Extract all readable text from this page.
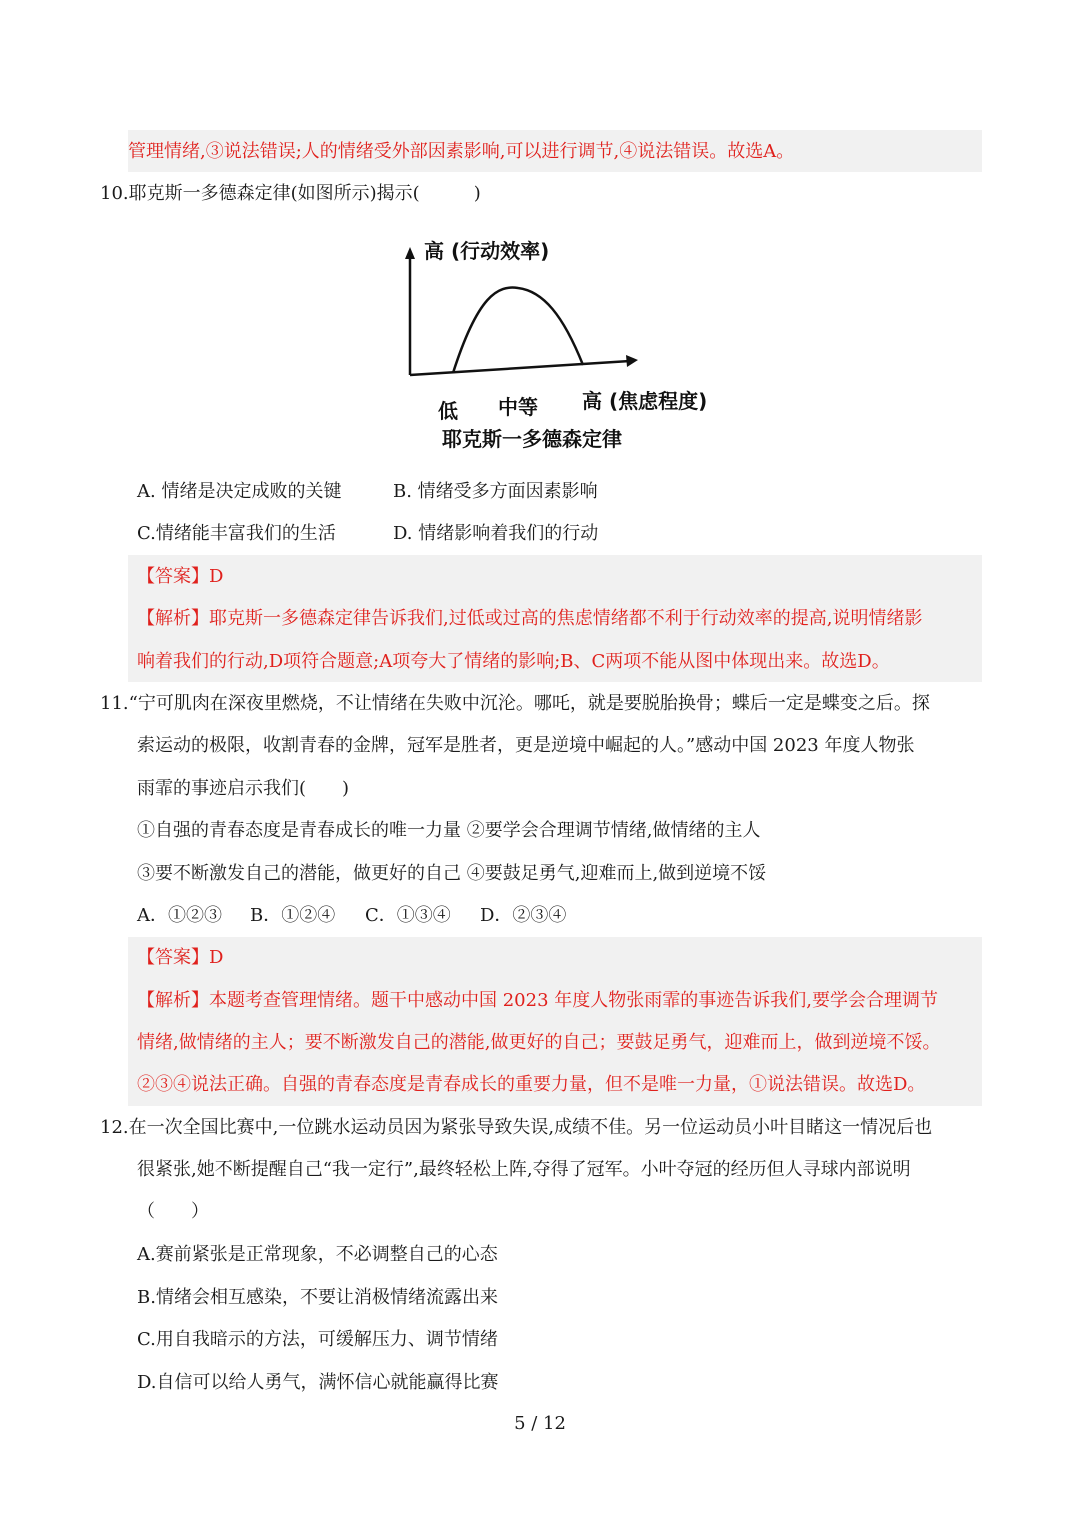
管理情绪,③说法错误;人的情绪受外部因素影响,可以进行调节,④说法错误。故选A。
10.耶克斯一多德森定律(如图所示)揭示(　　　)
高 (行动效率)
低 中等 高 (焦虑程度)
耶克斯一多德森定律
A. 情绪是决定成败的关键	B. 情绪受多方面因素影响
C.情绪能丰富我们的生活	D. 情绪影响着我们的行动
【答案】D
【解析】耶克斯一多德森定律告诉我们,过低或过高的焦虑情绪都不利于行动效率的提高,说明情绪影
响着我们的行动,D项符合题意;A项夸大了情绪的影响;B、C两项不能从图中体现出来。故选D。
11.“宁可肌肉在深夜里燃烧，不让情绪在失败中沉沦。哪吒，就是要脱胎换骨；蝶后一定是蝶变之后。探
索运动的极限，收割青春的金牌，冠军是胜者，更是逆境中崛起的人。”感动中国 2023 年度人物张
雨霏的事迹启示我们(　　)
①自强的青春态度是青春成长的唯一力量 ②要学会合理调节情绪,做情绪的主人
③要不断激发自己的潜能，做更好的自己 ④要鼓足勇气,迎难而上,做到逆境不馁
A．①②③ B．①②④ C．①③④ D．②③④
【答案】D
【解析】本题考查管理情绪。题干中感动中国 2023 年度人物张雨霏的事迹告诉我们,要学会合理调节
情绪,做情绪的主人；要不断激发自己的潜能,做更好的自己；要鼓足勇气，迎难而上，做到逆境不馁。
②③④说法正确。自强的青春态度是青春成长的重要力量，但不是唯一力量，①说法错误。故选D。
12.在一次全国比赛中,一位跳水运动员因为紧张导致失误,成绩不佳。另一位运动员小叶目睹这一情况后也
很紧张,她不断提醒自己“我一定行”,最终轻松上阵,夺得了冠军。小叶夺冠的经历但人寻球内部说明
（　　）
A.赛前紧张是正常现象，不必调整自己的心态
B.情绪会相互感染，不要让消极情绪流露出来
C.用自我暗示的方法，可缓解压力、调节情绪
D.自信可以给人勇气，满怀信心就能赢得比赛
5 / 12
